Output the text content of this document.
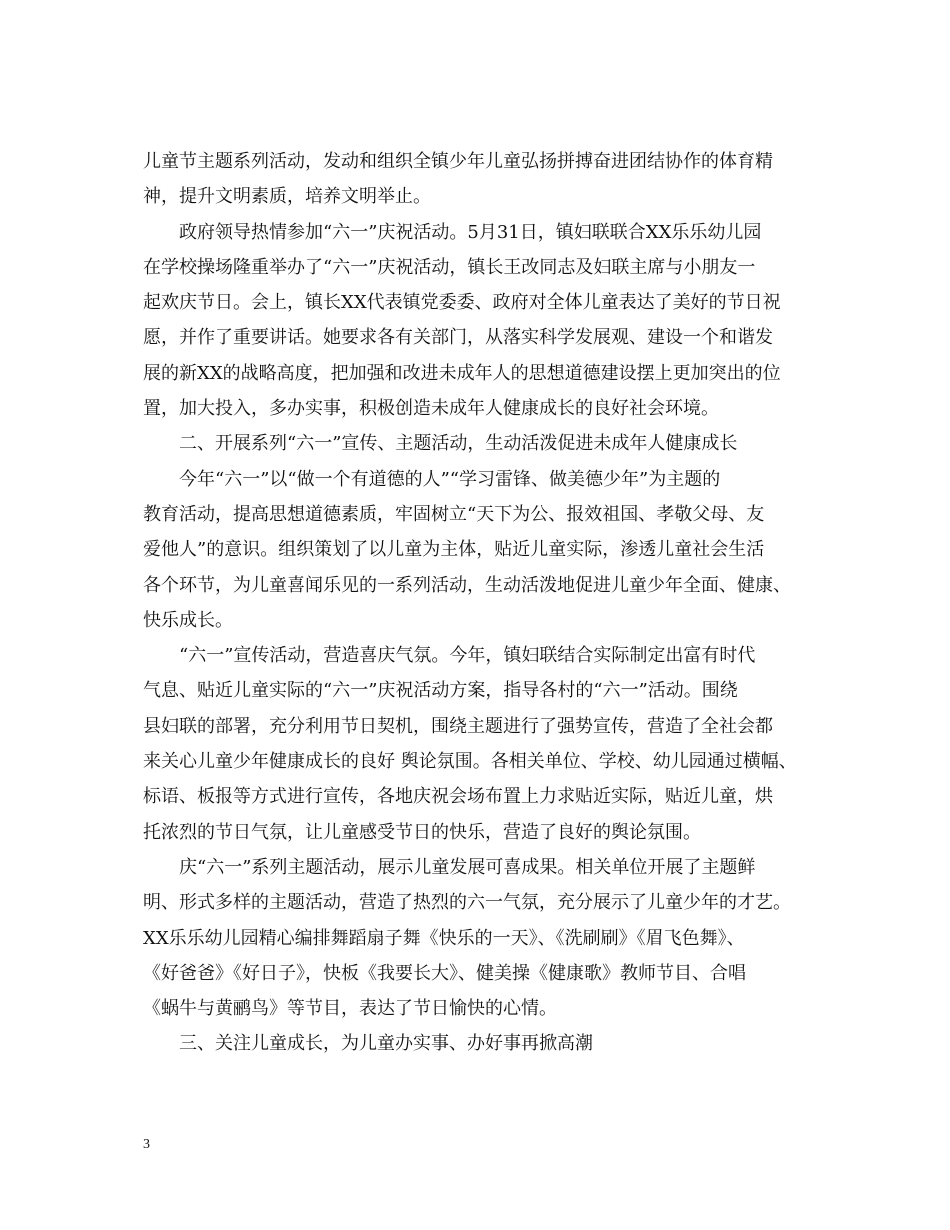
儿童节主题系列活动，发动和组织全镇少年儿童弘扬拼搏奋进团结协作的体育精
神，提升文明素质，培养文明举止。
政府领导热情参加“六一”庆祝活动。5月31日，镇妇联联合XX乐乐幼儿园
在学校操场隆重举办了“六一”庆祝活动，镇长王改同志及妇联主席与小朋友一
起欢庆节日。会上，镇长XX代表镇党委委、政府对全体儿童表达了美好的节日祝
愿，并作了重要讲话。她要求各有关部门，从落实科学发展观、建设一个和谐发
展的新XX的战略高度，把加强和改进未成年人的思想道德建设摆上更加突出的位
置，加大投入，多办实事，积极创造未成年人健康成长的良好社会环境。
二、开展系列“六一”宣传、主题活动，生动活泼促进未成年人健康成长
今年“六一”以“做一个有道德的人”“学习雷锋、做美德少年”为主题的
教育活动，提高思想道德素质，牢固树立“天下为公、报效祖国、孝敬父母、友
爱他人”的意识。组织策划了以儿童为主体，贴近儿童实际，渗透儿童社会生活
各个环节，为儿童喜闻乐见的一系列活动，生动活泼地促进儿童少年全面、健康、
快乐成长。
“六一”宣传活动，营造喜庆气氛。今年，镇妇联结合实际制定出富有时代
气息、贴近儿童实际的“六一”庆祝活动方案，指导各村的“六一”活动。围绕
县妇联的部署，充分利用节日契机，围绕主题进行了强势宣传，营造了全社会都
来关心儿童少年健康成长的良好 舆论氛围。各相关单位、学校、幼儿园通过横幅、
标语、板报等方式进行宣传，各地庆祝会场布置上力求贴近实际，贴近儿童，烘
托浓烈的节日气氛，让儿童感受节日的快乐，营造了良好的舆论氛围。
庆“六一”系列主题活动，展示儿童发展可喜成果。相关单位开展了主题鲜
明、形式多样的主题活动，营造了热烈的六一气氛，充分展示了儿童少年的才艺。
XX乐乐幼儿园精心编排舞蹈扇子舞《快乐的一天》、《洗刷刷》《眉飞色舞》、
《好爸爸》《好日子》，快板《我要长大》、健美操《健康歌》教师节目、合唱
《蜗牛与黄鹂鸟》等节目，表达了节日愉快的心情。
三、关注儿童成长，为儿童办实事、办好事再掀高潮
3
